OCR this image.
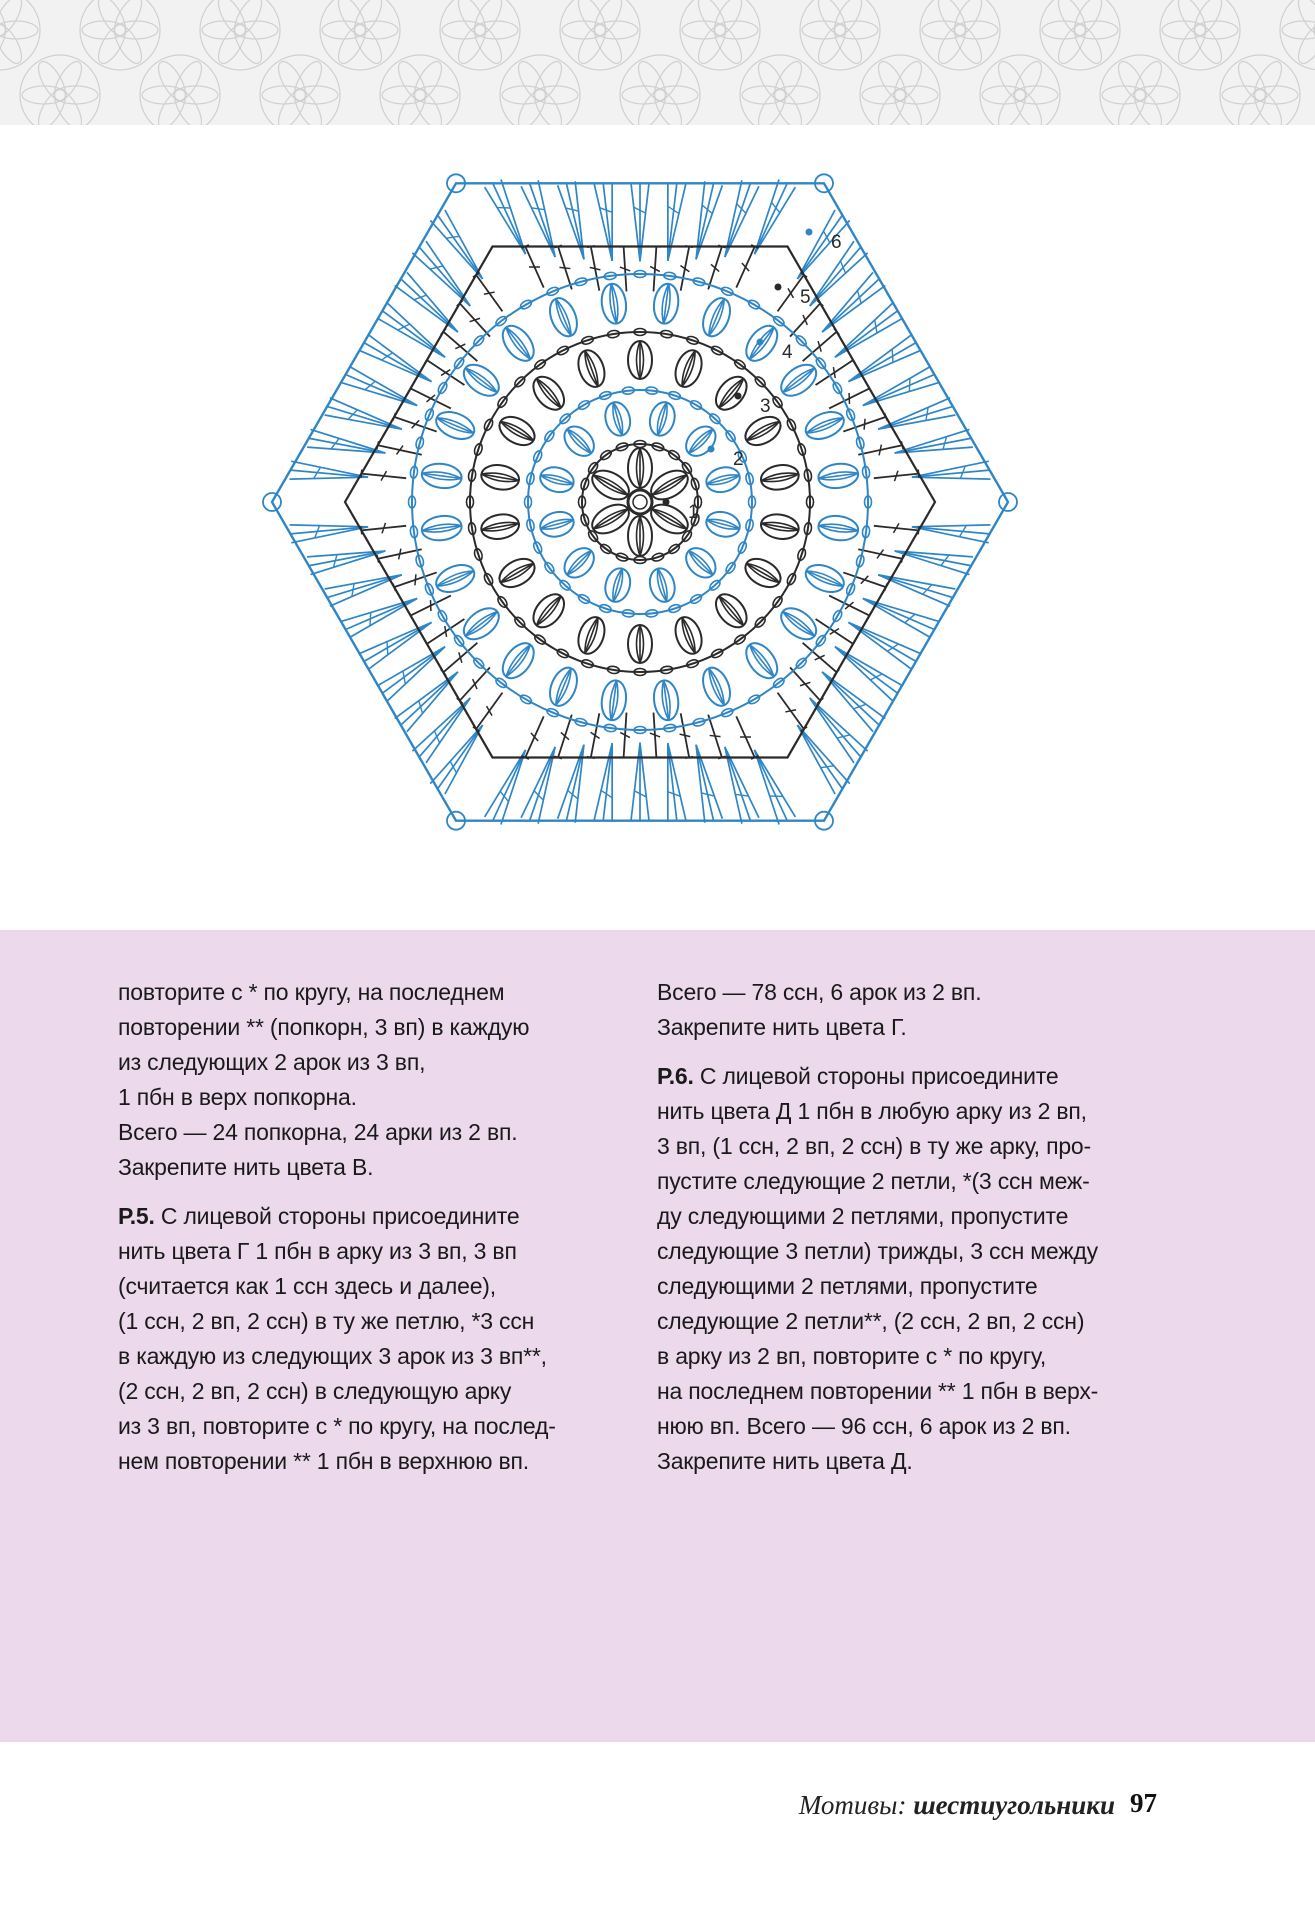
1
2
3
4
5
6

повторите с * по кругу, на последнем

повторении ** (попкорн, 3 вп) в каждую

из следующих 2 арок из 3 вп,

1 пбн в верх попкорна.

Всего — 24 попкорна, 24 арки из 2 вп.

Закрепите нить цвета В.

Р.5. С лицевой стороны присоедините

нить цвета Г 1 пбн в арку из 3 вп, 3 вп

(считается как 1 ссн здесь и далее),

(1 ссн, 2 вп, 2 ссн) в ту же петлю, *3 ссн

в каждую из следующих 3 арок из 3 вп**,

(2 ссн, 2 вп, 2 ссн) в следующую арку

из 3 вп, повторите с * по кругу, на послед-

нем повторении ** 1 пбн в верхнюю вп.

Всего — 78 ссн, 6 арок из 2 вп.

Закрепите нить цвета Г.

Р.6. С лицевой стороны присоедините

нить цвета Д 1 пбн в любую арку из 2 вп,

3 вп, (1 ссн, 2 вп, 2 ссн) в ту же арку, про-

пустите следующие 2 петли, *(3 ссн меж-

ду следующими 2 петлями, пропустите

следующие 3 петли) трижды, 3 ссн между

следующими 2 петлями, пропустите

следующие 2 петли**, (2 ссн, 2 вп, 2 ссн)

в арку из 2 вп, повторите с * по кругу,

на последнем повторении ** 1 пбн в верх-

нюю вп. Всего — 96 ссн, 6 арок из 2 вп.

Закрепите нить цвета Д.

Мотивы: шестиугольники 97
